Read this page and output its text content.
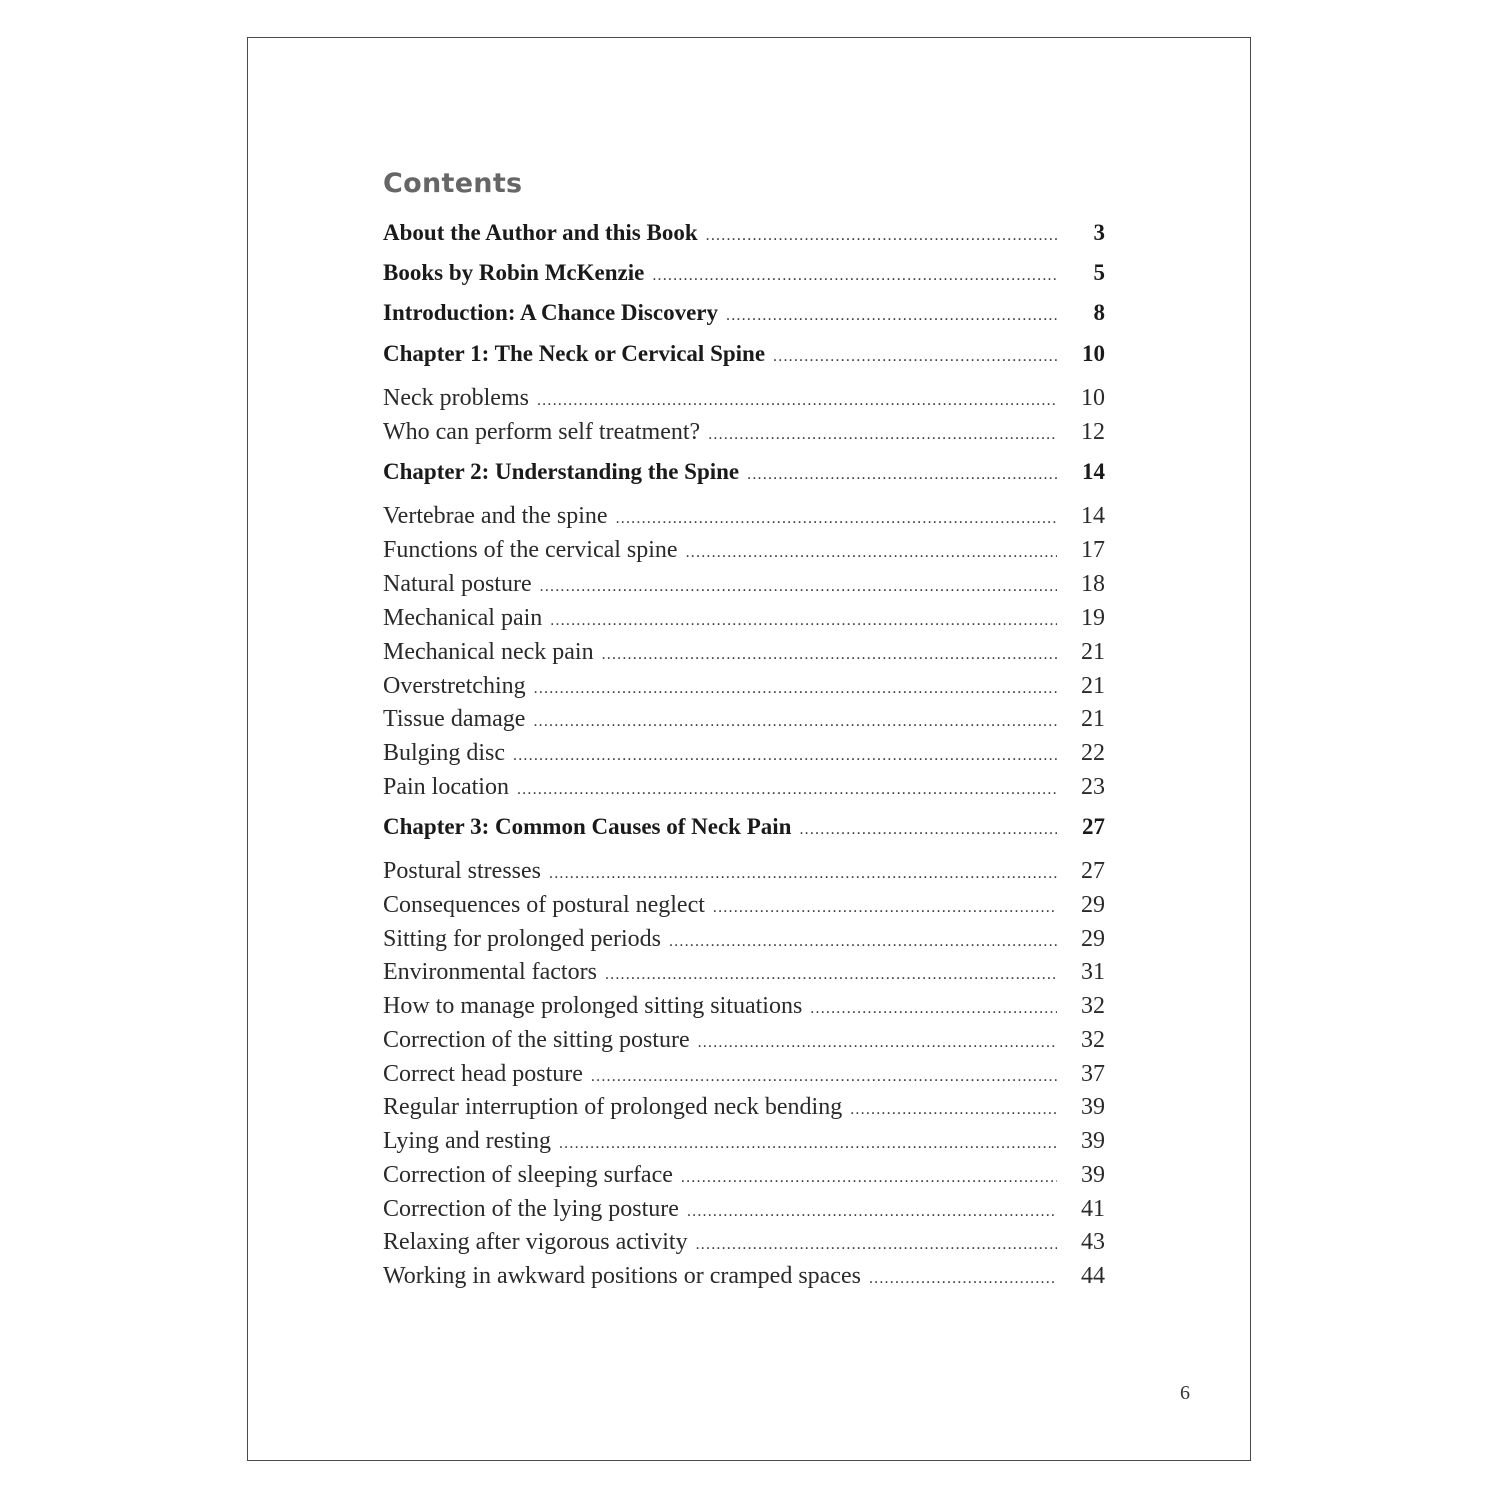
Contents
About the Author and this Book .....	3
Books by Robin McKenzie .....	5
Introduction: A Chance Discovery .....	8
Chapter 1: The Neck or Cervical Spine .....	10
Neck problems .....	10
Who can perform self treatment? .....	12
Chapter 2: Understanding the Spine .....	14
Vertebrae and the spine .....	14
Functions of the cervical spine .....	17
Natural posture .....	18
Mechanical pain .....	19
Mechanical neck pain .....	21
Overstretching .....	21
Tissue damage .....	21
Bulging disc .....	22
Pain location .....	23
Chapter 3: Common Causes of Neck Pain .....	27
Postural stresses .....	27
Consequences of postural neglect .....	29
Sitting for prolonged periods .....	29
Environmental factors .....	31
How to manage prolonged sitting situations .....	32
Correction of the sitting posture .....	32
Correct head posture .....	37
Regular interruption of prolonged neck bending .....	39
Lying and resting .....	39
Correction of sleeping surface .....	39
Correction of the lying posture .....	41
Relaxing after vigorous activity .....	43
Working in awkward positions or cramped spaces .....	44
6
